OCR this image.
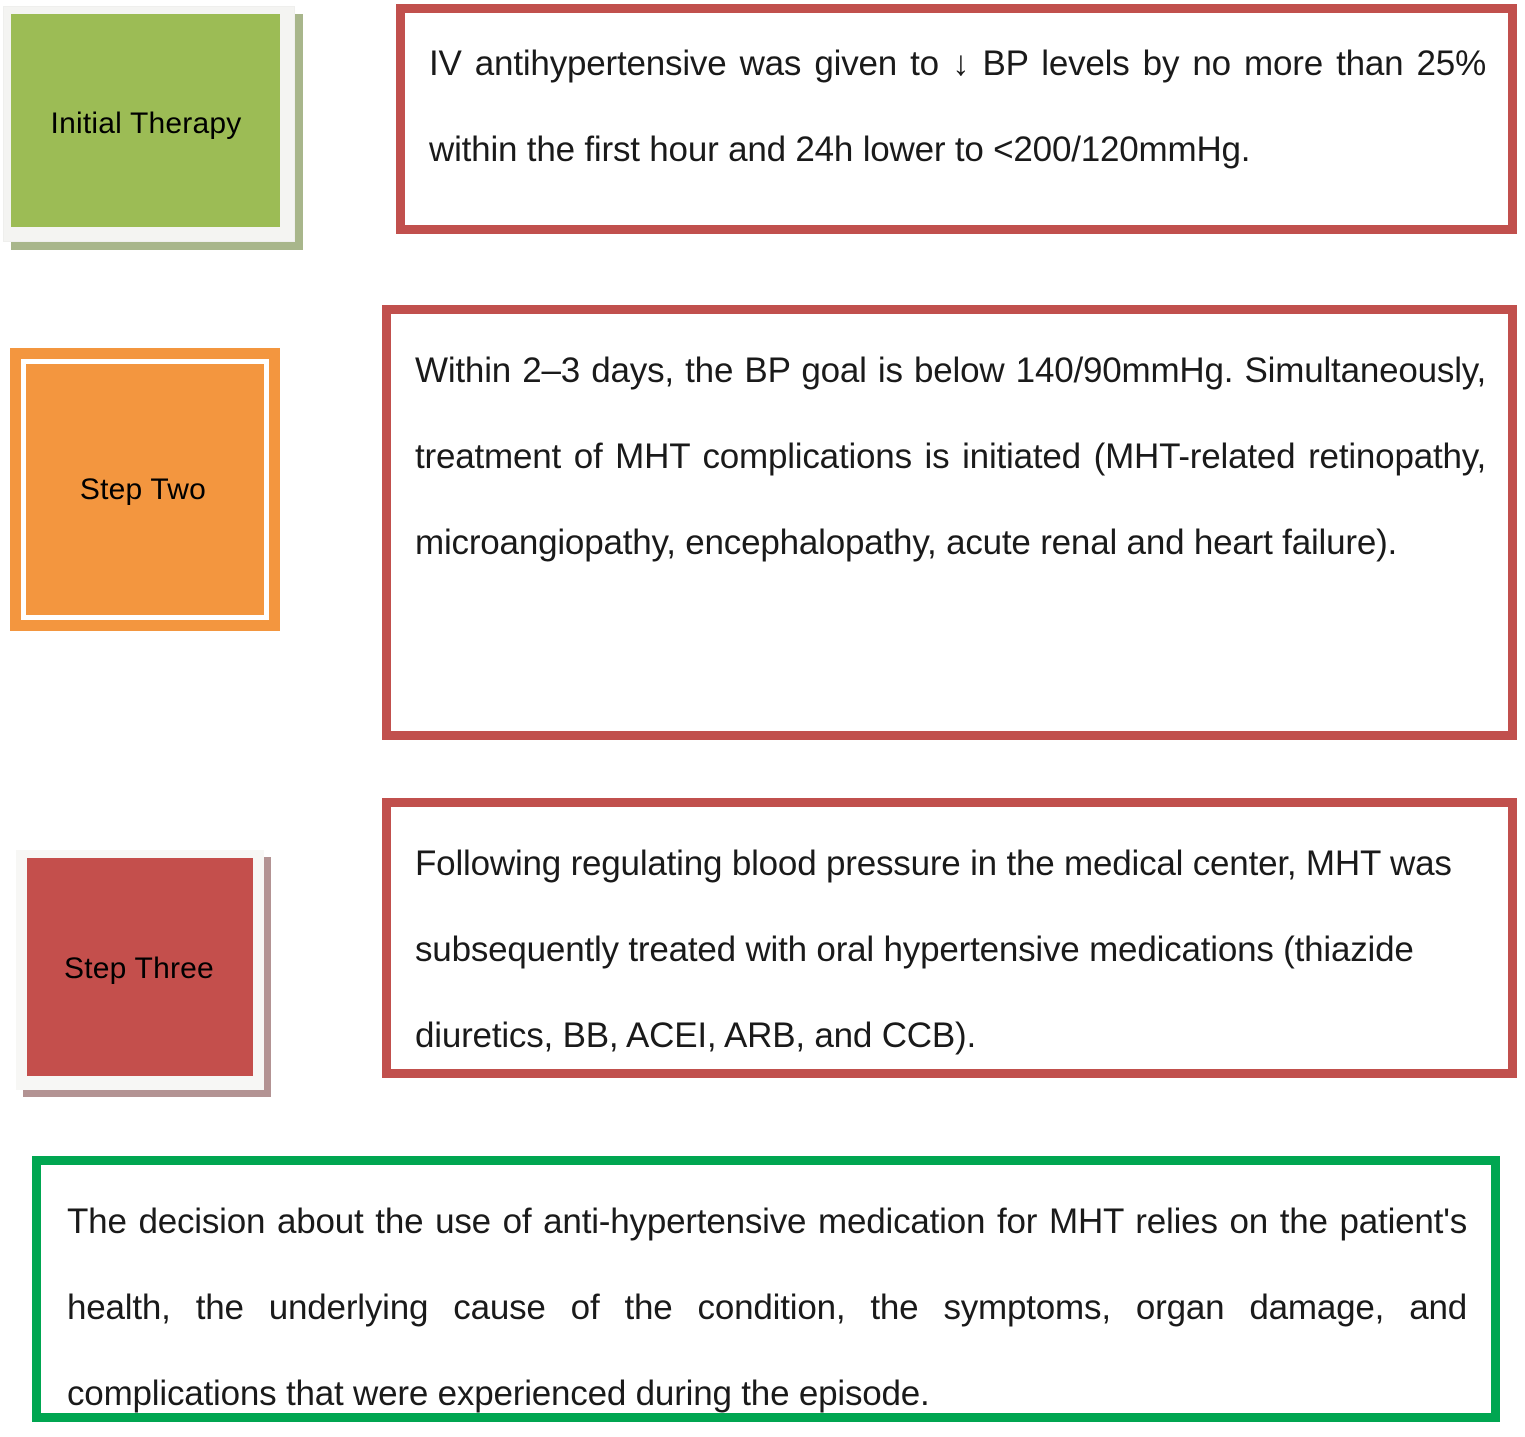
Initial Therapy

IV antihypertensive was given to ↓ BP levels by no more than 25% within the first hour and 24h lower to <200/120mmHg.

Step Two

Within 2–3 days, the BP goal is below 140/90mmHg. Simultaneously, treatment of MHT complications is initiated (MHT-related retinopathy, microangiopathy, encephalopathy, acute renal and heart failure).

Step Three

Following regulating blood pressure in the medical center, MHT was subsequently treated with oral hypertensive medications (thiazide diuretics, BB, ACEI, ARB, and CCB).

The decision about the use of anti-hypertensive medication for MHT relies on the patient's health, the underlying cause of the condition, the symptoms, organ damage, and complications that were experienced during the episode.
